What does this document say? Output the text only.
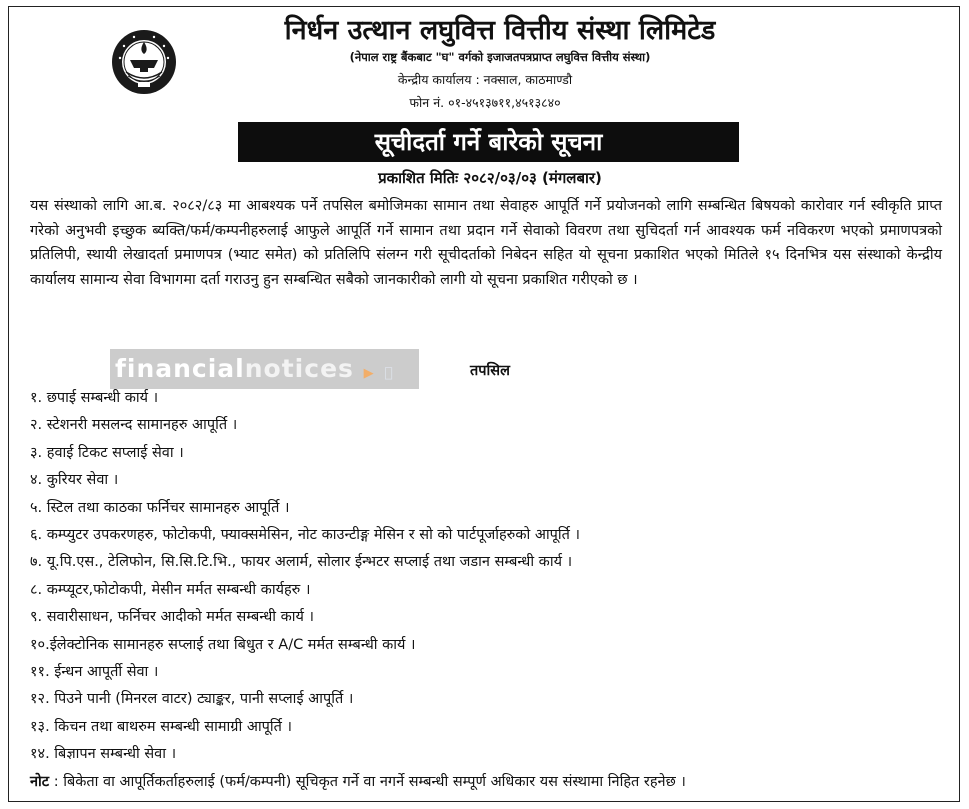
निर्धन उत्थान लघुवित्त वित्तीय संस्था लिमिटेड
(नेपाल राष्ट्र बैंकबाट "घ" वर्गको इजाजतपत्रप्राप्त लघुवित्त वित्तीय संस्था)
केन्द्रीय कार्यालय : नक्साल, काठमाण्डौ
फोन नं. ०१-४५१३७११,४५१३८४०
सूचीदर्ता गर्ने बारेको सूचना
प्रकाशित मितिः २०८२/०३/०३ (मंगलबार)
यस संस्थाको लागि आ.ब. २०८२/८३ मा आबश्यक पर्ने तपसिल बमोजिमका सामान तथा सेवाहरु आपूर्ति गर्ने प्रयोजनको लागि सम्बन्धित बिषयको कारोवार गर्न स्वीकृति प्राप्त गरेको अनुभवी इच्छुक ब्यक्ति/फर्म/कम्पनीहरुलाई आफुले आपूर्ति गर्ने सामान तथा प्रदान गर्ने सेवाको विवरण तथा सुचिदर्ता गर्न आवश्यक फर्म नविकरण भएको प्रमाणपत्रको प्रतिलिपी, स्थायी लेखादर्ता प्रमाणपत्र (भ्याट समेत) को प्रतिलिपि संलग्न गरी सूचीदर्ताको निबेदन सहित यो सूचना प्रकाशित भएको मितिले १५ दिनभित्र यस संस्थाको केन्द्रीय कार्यालय सामान्य सेवा विभागमा दर्ता गराउनु हुन सम्बन्धित सबैको जानकारीको लागी यो सूचना प्रकाशित गरीएको छ ।
financialnotices ▶	तपसिल
१. छपाई सम्बन्धी कार्य ।
२. स्टेशनरी मसलन्द सामानहरु आपूर्ति ।
३. हवाई टिकट सप्लाई सेवा ।
४. कुरियर सेवा ।
५. स्टिल तथा काठका फर्निचर सामानहरु आपूर्ति ।
६. कम्प्युटर उपकरणहरु, फोटोकपी, फ्याक्समेसिन, नोट काउन्टीङ्ग मेसिन र सो को पार्टपूर्जाहरुको आपूर्ति ।
७. यू.पि.एस., टेलिफोन, सि.सि.टि.भि., फायर अलार्म, सोलार ईन्भटर सप्लाई तथा जडान सम्बन्धी कार्य ।
८. कम्प्यूटर,फोटोकपी, मेसीन मर्मत सम्बन्धी कार्यहरु ।
९. सवारीसाधन, फर्निचर आदीको मर्मत सम्बन्धी कार्य ।
१०.ईलेक्टोनिक सामानहरु सप्लाई तथा बिधुत र A/C मर्मत सम्बन्धी कार्य ।
११. ईन्धन आपूर्ती सेवा ।
१२. पिउने पानी (मिनरल वाटर) ट्याङ्कर, पानी सप्लाई आपूर्ति ।
१३. किचन तथा बाथरुम सम्बन्धी सामाग्री आपूर्ति ।
१४. बिज्ञापन सम्बन्धी सेवा ।
नोट : बिकेता वा आपूर्तिकर्ताहरुलाई (फर्म/कम्पनी) सूचिकृत गर्ने वा नगर्ने सम्बन्धी सम्पूर्ण अधिकार यस संस्थामा निहित रहनेछ ।
